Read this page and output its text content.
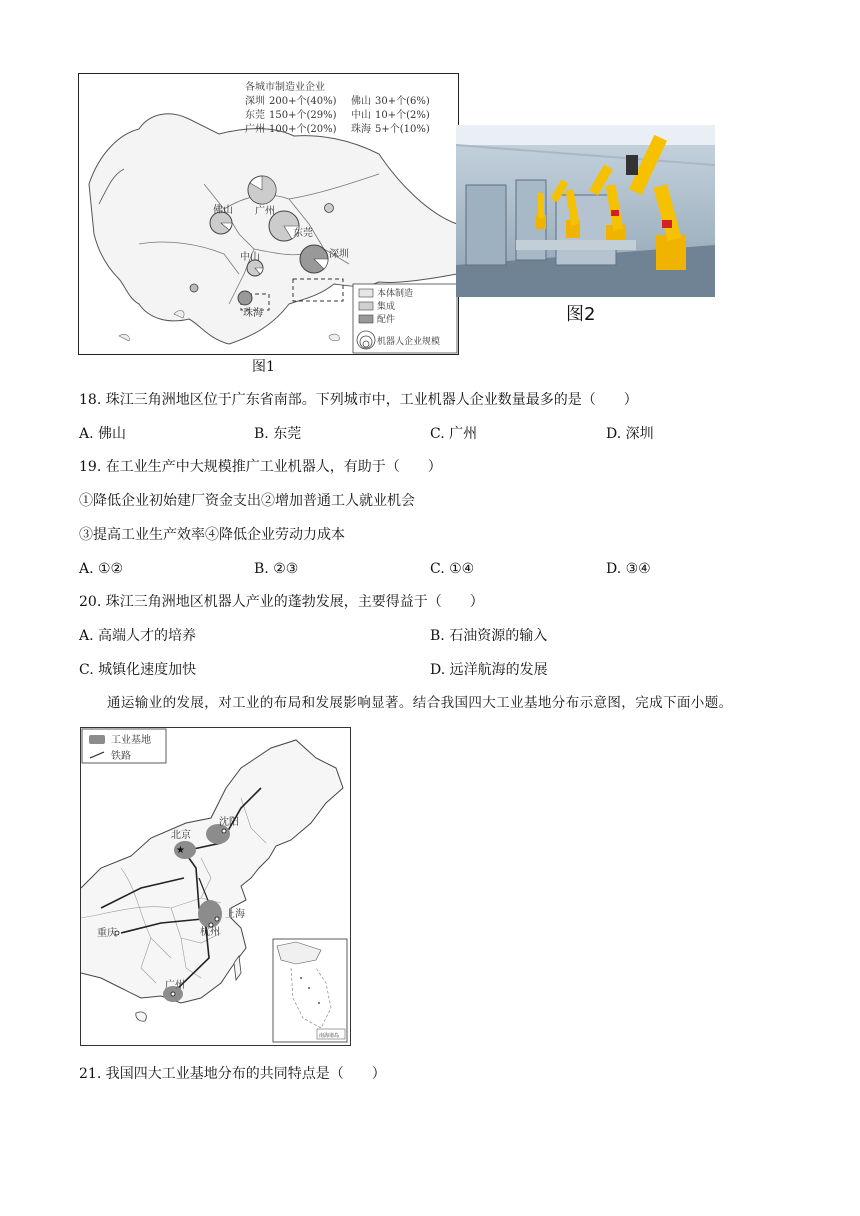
佛山 广州
东莞
中山	深圳
珠海
各城市制造业企业
深圳 200+个(40%)
东莞 150+个(29%)
广州 100+个(20%)
佛山 30+个(6%)
中山 10+个(2%)
珠海 5+个(10%)
本体制造
集成
配件
机器人企业规模
图1
图2
18. 珠江三角洲地区位于广东省南部。下列城市中，工业机器人企业数量最多的是（　　）
A. 佛山	B. 东莞	C. 广州	D. 深圳
19. 在工业生产中大规模推广工业机器人，有助于（　　）
①降低企业初始建厂资金支出②增加普通工人就业机会
③提高工业生产效率④降低企业劳动力成本
A. ①②	B. ②③	C. ①④	D. ③④
20. 珠江三角洲地区机器人产业的蓬勃发展，主要得益于（　　）
A. 高端人才的培养	B. 石油资源的输入
C. 城镇化速度加快	D. 远洋航海的发展
通运输业的发展，对工业的布局和发展影响显著。结合我国四大工业基地分布示意图，完成下面小题。
★
北京
沈阳
上海
杭州
重庆
广州
工业基地
铁路
南海诸岛
21. 我国四大工业基地分布的共同特点是（　　）
